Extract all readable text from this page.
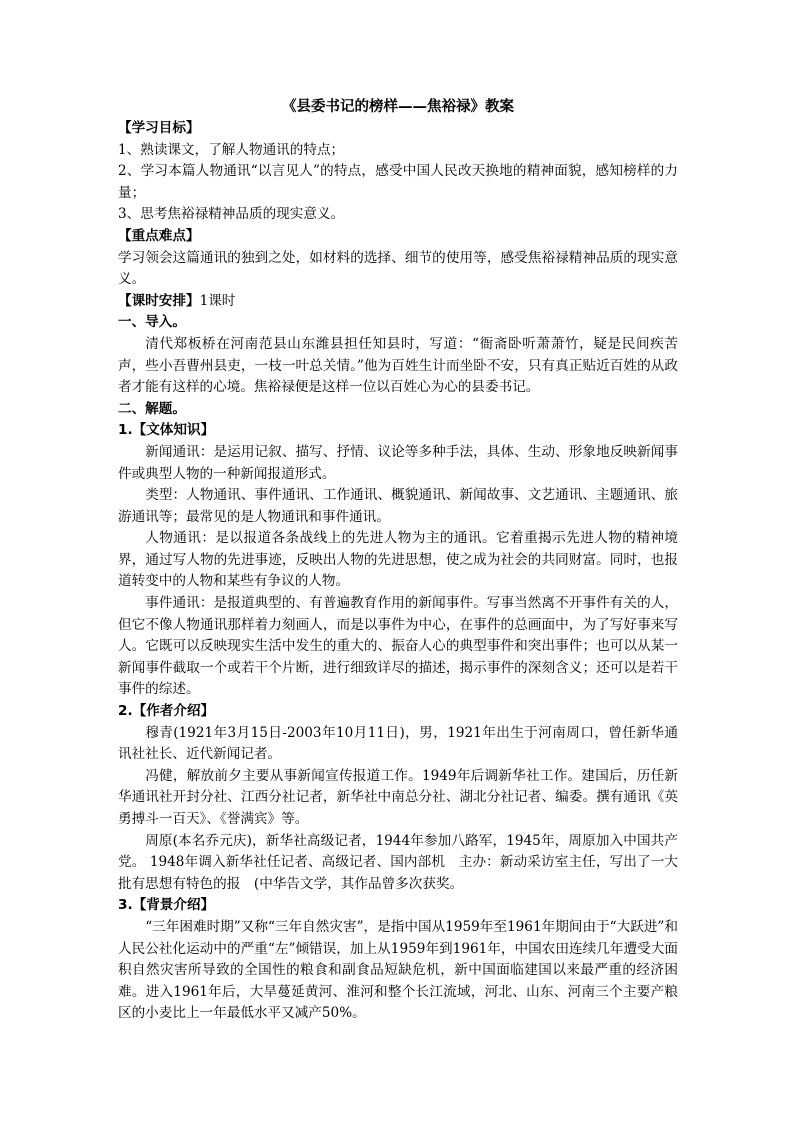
《县委书记的榜样——焦裕禄》教案

【学习目标】

1、熟读课文，了解人物通讯的特点；

2、学习本篇人物通讯“以言见人”的特点，感受中国人民改天换地的精神面貌，感知榜样的力量；

3、思考焦裕禄精神品质的现实意义。

【重点难点】

学习领会这篇通讯的独到之处，如材料的选择、细节的使用等，感受焦裕禄精神品质的现实意义。

【课时安排】1课时

一、导入。

清代郑板桥在河南范县山东潍县担任知县时，写道：“衙斋卧听萧萧竹，疑是民间疾苦声，些小吾曹州县吏，一枝一叶总关情。”他为百姓生计而坐卧不安，只有真正贴近百姓的从政者才能有这样的心境。焦裕禄便是这样一位以百姓心为心的县委书记。

二、解题。

1.【文体知识】

新闻通讯：是运用记叙、描写、抒情、议论等多种手法，具体、生动、形象地反映新闻事件或典型人物的一种新闻报道形式。

类型：人物通讯、事件通讯、工作通讯、概貌通讯、新闻故事、文艺通讯、主题通讯、旅游通讯等；最常见的是人物通讯和事件通讯。

人物通讯：是以报道各条战线上的先进人物为主的通讯。它着重揭示先进人物的精神境界，通过写人物的先进事迹，反映出人物的先进思想，使之成为社会的共同财富。同时，也报道转变中的人物和某些有争议的人物。

事件通讯：是报道典型的、有普遍教育作用的新闻事件。写事当然离不开事件有关的人，但它不像人物通讯那样着力刻画人，而是以事件为中心，在事件的总画面中，为了写好事来写人。它既可以反映现实生活中发生的重大的、振奋人心的典型事件和突出事件；也可以从某一新闻事件截取一个或若干个片断，进行细致详尽的描述，揭示事件的深刻含义；还可以是若干事件的综述。

2.【作者介绍】

穆青(1921年3月15日-2003年10月11日)，男，1921年出生于河南周口，曾任新华通讯社社长、近代新闻记者。

冯健，解放前夕主要从事新闻宣传报道工作。1949年后调新华社工作。建国后，历任新华通讯社开封分社、江西分社记者，新华社中南总分社、湖北分社记者、编委。撰有通讯《英勇搏斗一百天》、《誉满宾》等。

周原(本名乔元庆)，新华社高级记者，1944年参加八路军，1945年，周原加入中国共产党。 1948年调入新华社任记者、高级记者、国内部机　主办：新动采访室主任，写出了一大批有思想有特色的报　(中华告文学，其作品曾多次获奖。

3.【背景介绍】

“三年困难时期”又称“三年自然灾害”，是指中国从1959年至1961年期间由于“大跃进”和人民公社化运动中的严重“左”倾错误，加上从1959年到1961年，中国农田连续几年遭受大面积自然灾害所导致的全国性的粮食和副食品短缺危机，新中国面临建国以来最严重的经济困难。进入1961年后，大旱蔓延黄河、淮河和整个长江流域，河北、山东、河南三个主要产粮区的小麦比上一年最低水平又减产50%。
